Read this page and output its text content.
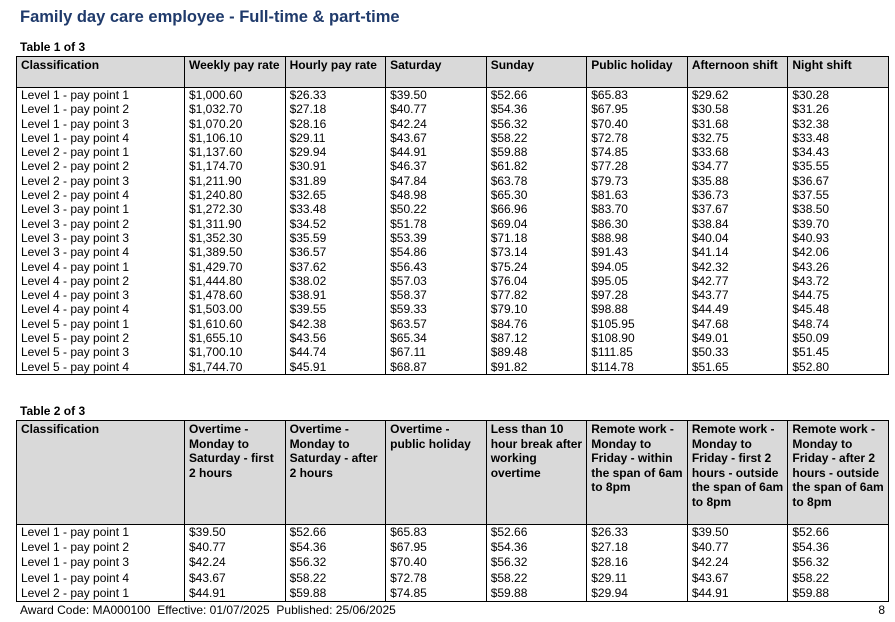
Family day care employee - Full-time & part-time
Table 1 of 3
Classification	Weekly pay rate	Hourly pay rate	Saturday	Sunday	Public holiday	Afternoon shift	Night shift
Level 1 - pay point 1	$1,000.60	$26.33	$39.50	$52.66	$65.83	$29.62	$30.28
Level 1 - pay point 2	$1,032.70	$27.18	$40.77	$54.36	$67.95	$30.58	$31.26
Level 1 - pay point 3	$1,070.20	$28.16	$42.24	$56.32	$70.40	$31.68	$32.38
Level 1 - pay point 4	$1,106.10	$29.11	$43.67	$58.22	$72.78	$32.75	$33.48
Level 2 - pay point 1	$1,137.60	$29.94	$44.91	$59.88	$74.85	$33.68	$34.43
Level 2 - pay point 2	$1,174.70	$30.91	$46.37	$61.82	$77.28	$34.77	$35.55
Level 2 - pay point 3	$1,211.90	$31.89	$47.84	$63.78	$79.73	$35.88	$36.67
Level 2 - pay point 4	$1,240.80	$32.65	$48.98	$65.30	$81.63	$36.73	$37.55
Level 3 - pay point 1	$1,272.30	$33.48	$50.22	$66.96	$83.70	$37.67	$38.50
Level 3 - pay point 2	$1,311.90	$34.52	$51.78	$69.04	$86.30	$38.84	$39.70
Level 3 - pay point 3	$1,352.30	$35.59	$53.39	$71.18	$88.98	$40.04	$40.93
Level 3 - pay point 4	$1,389.50	$36.57	$54.86	$73.14	$91.43	$41.14	$42.06
Level 4 - pay point 1	$1,429.70	$37.62	$56.43	$75.24	$94.05	$42.32	$43.26
Level 4 - pay point 2	$1,444.80	$38.02	$57.03	$76.04	$95.05	$42.77	$43.72
Level 4 - pay point 3	$1,478.60	$38.91	$58.37	$77.82	$97.28	$43.77	$44.75
Level 4 - pay point 4	$1,503.00	$39.55	$59.33	$79.10	$98.88	$44.49	$45.48
Level 5 - pay point 1	$1,610.60	$42.38	$63.57	$84.76	$105.95	$47.68	$48.74
Level 5 - pay point 2	$1,655.10	$43.56	$65.34	$87.12	$108.90	$49.01	$50.09
Level 5 - pay point 3	$1,700.10	$44.74	$67.11	$89.48	$111.85	$50.33	$51.45
Level 5 - pay point 4	$1,744.70	$45.91	$68.87	$91.82	$114.78	$51.65	$52.80
Table 2 of 3
Classification	Overtime - Monday to Saturday - first 2 hours	Overtime - Monday to Saturday - after 2 hours	Overtime - public holiday	Less than 10 hour break after working overtime	Remote work - Monday to Friday - within the span of 6am to 8pm	Remote work - Monday to Friday - first 2 hours - outside the span of 6am to 8pm	Remote work - Monday to Friday - after 2 hours - outside the span of 6am to 8pm
Level 1 - pay point 1	$39.50	$52.66	$65.83	$52.66	$26.33	$39.50	$52.66
Level 1 - pay point 2	$40.77	$54.36	$67.95	$54.36	$27.18	$40.77	$54.36
Level 1 - pay point 3	$42.24	$56.32	$70.40	$56.32	$28.16	$42.24	$56.32
Level 1 - pay point 4	$43.67	$58.22	$72.78	$58.22	$29.11	$43.67	$58.22
Level 2 - pay point 1	$44.91	$59.88	$74.85	$59.88	$29.94	$44.91	$59.88
Award Code: MA000100  Effective: 01/07/2025  Published: 25/06/2025	8
